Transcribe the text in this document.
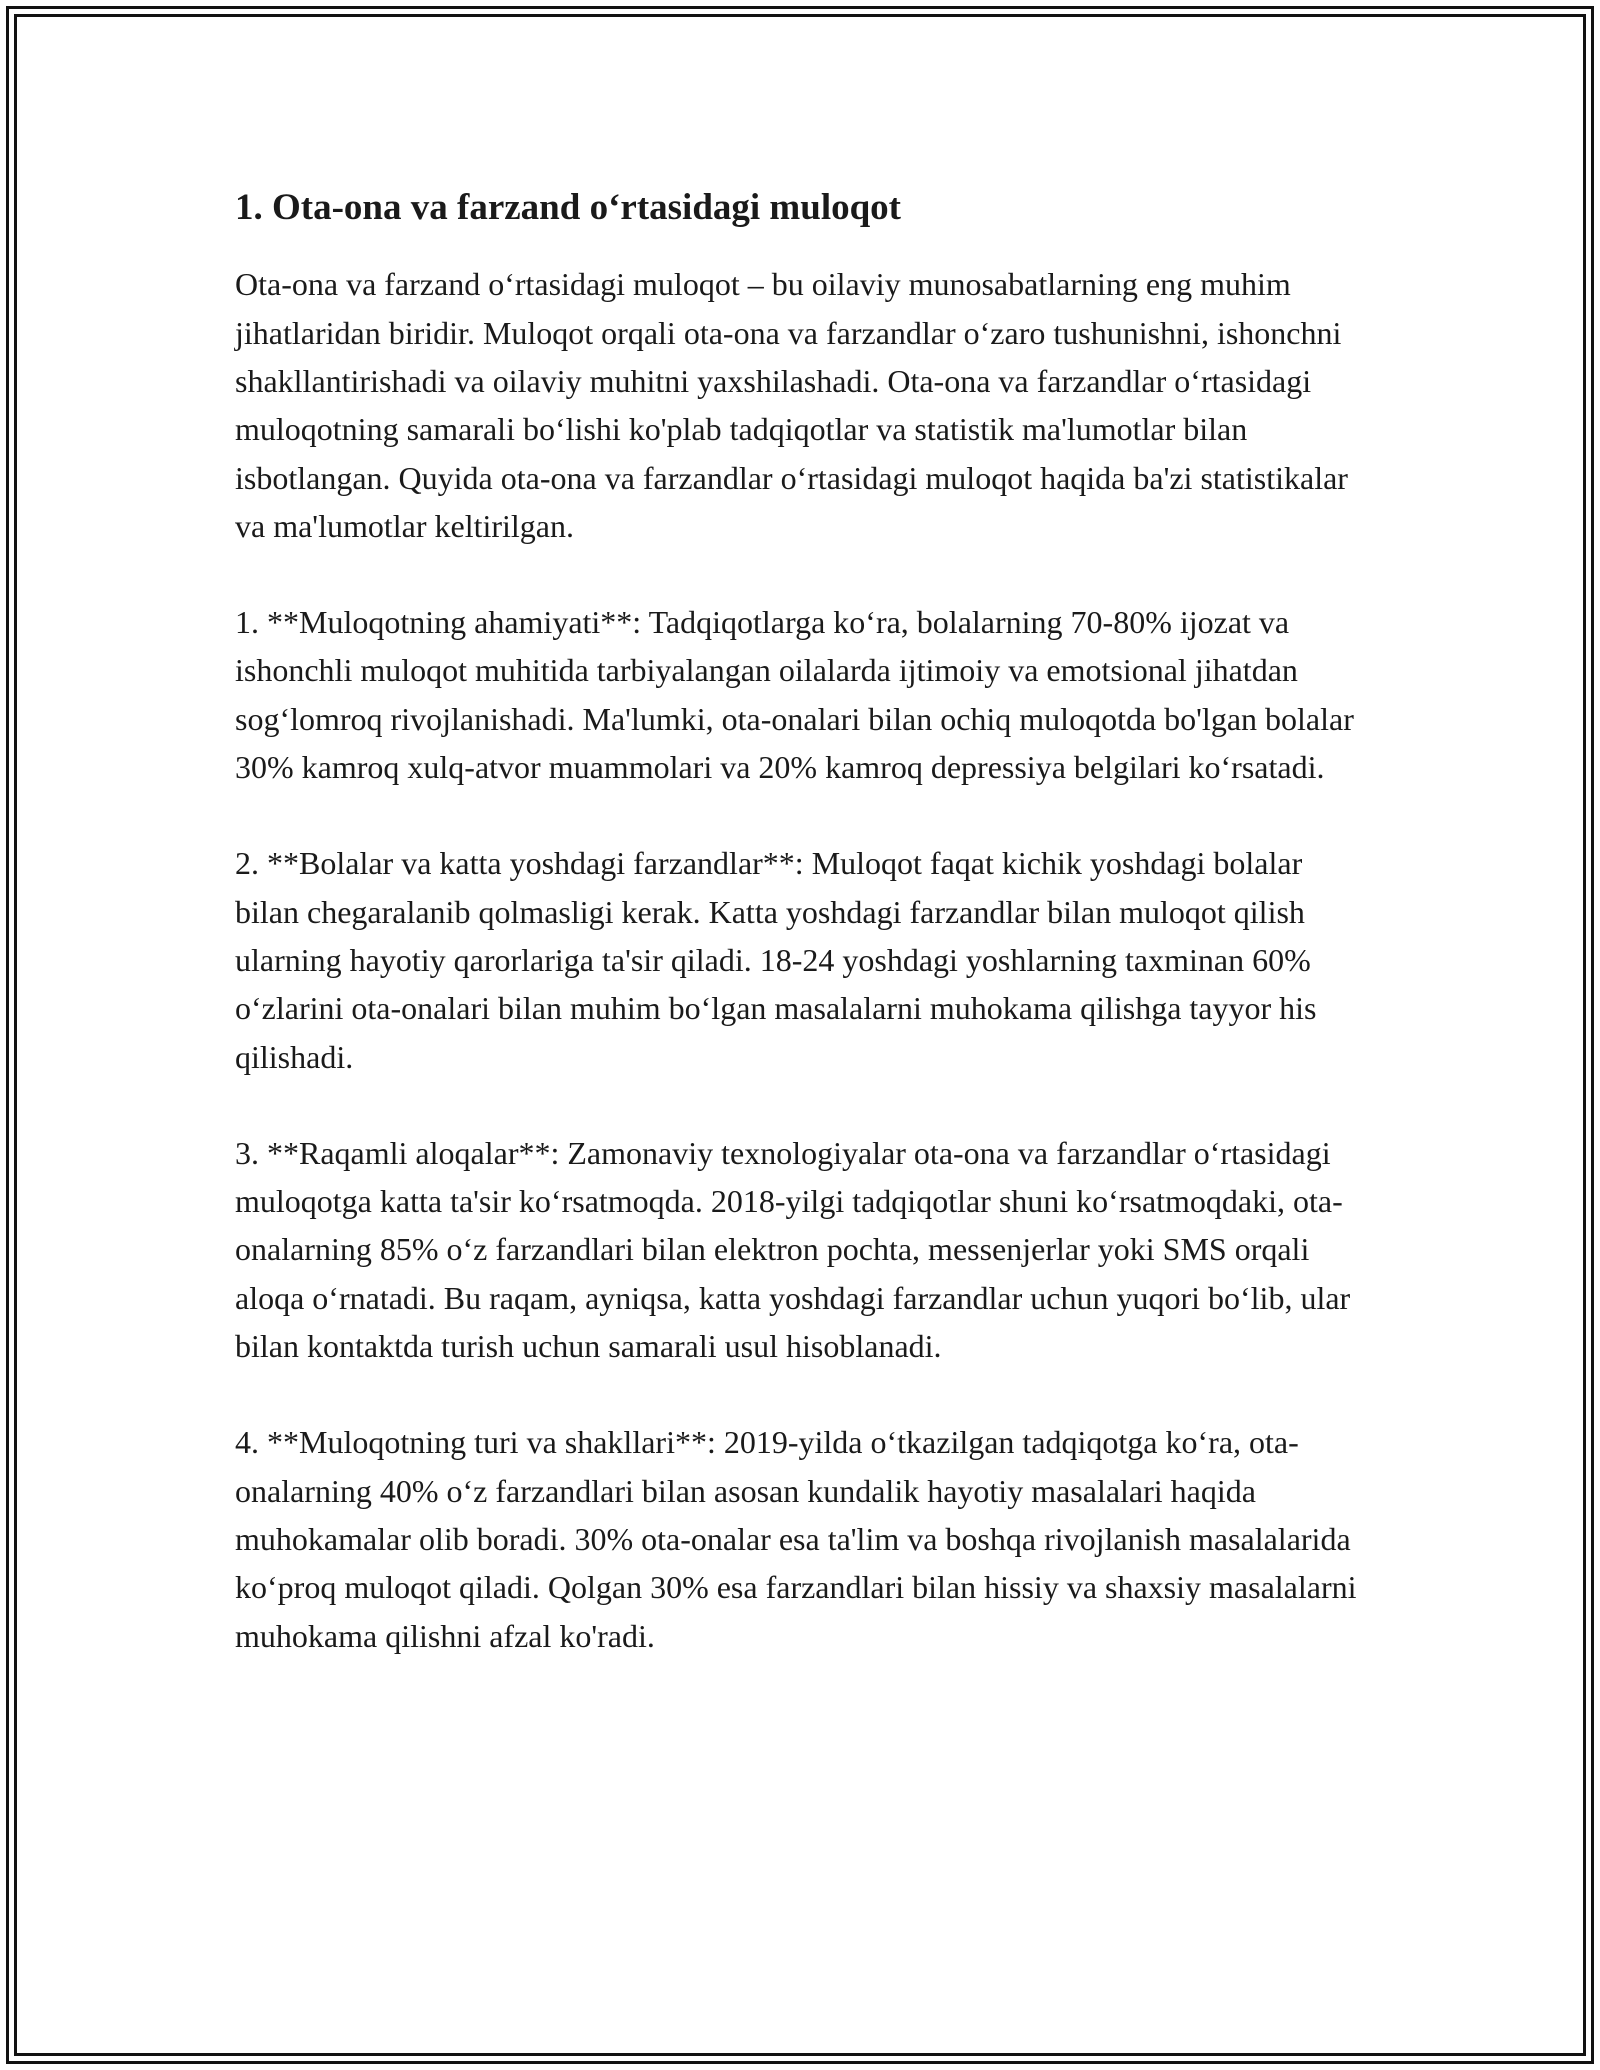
1. Ota-ona va farzand oʻrtasidagi muloqot

Ota-ona va farzand oʻrtasidagi muloqot – bu oilaviy munosabatlarning eng muhim jihatlaridan biridir. Muloqot orqali ota-ona va farzandlar oʻzaro tushunishni, ishonchni shakllantirishadi va oilaviy muhitni yaxshilashadi. Ota-ona va farzandlar oʻrtasidagi muloqotning samarali boʻlishi ko'plab tadqiqotlar va statistik ma'lumotlar bilan isbotlangan. Quyida ota-ona va farzandlar oʻrtasidagi muloqot haqida ba'zi statistikalar va ma'lumotlar keltirilgan.

1. **Muloqotning ahamiyati**: Tadqiqotlarga koʻra, bolalarning 70-80% ijozat va ishonchli muloqot muhitida tarbiyalangan oilalarda ijtimoiy va emotsional jihatdan sogʻlomroq rivojlanishadi. Ma'lumki, ota-onalari bilan ochiq muloqotda bo'lgan bolalar 30% kamroq xulq-atvor muammolari va 20% kamroq depressiya belgilari koʻrsatadi.

2. **Bolalar va katta yoshdagi farzandlar**: Muloqot faqat kichik yoshdagi bolalar bilan chegaralanib qolmasligi kerak. Katta yoshdagi farzandlar bilan muloqot qilish ularning hayotiy qarorlariga ta'sir qiladi. 18-24 yoshdagi yoshlarning taxminan 60% oʻzlarini ota-onalari bilan muhim boʻlgan masalalarni muhokama qilishga tayyor his qilishadi.

3. **Raqamli aloqalar**: Zamonaviy texnologiyalar ota-ona va farzandlar oʻrtasidagi muloqotga katta ta'sir koʻrsatmoqda. 2018-yilgi tadqiqotlar shuni koʻrsatmoqdaki, ota-onalarning 85% oʻz farzandlari bilan elektron pochta, messenjerlar yoki SMS orqali aloqa oʻrnatadi. Bu raqam, ayniqsa, katta yoshdagi farzandlar uchun yuqori boʻlib, ular bilan kontaktda turish uchun samarali usul hisoblanadi.

4. **Muloqotning turi va shakllari**: 2019-yilda oʻtkazilgan tadqiqotga koʻra, ota-onalarning 40% oʻz farzandlari bilan asosan kundalik hayotiy masalalari haqida muhokamalar olib boradi. 30% ota-onalar esa ta'lim va boshqa rivojlanish masalalarida koʻproq muloqot qiladi. Qolgan 30% esa farzandlari bilan hissiy va shaxsiy masalalarni muhokama qilishni afzal ko'radi.
